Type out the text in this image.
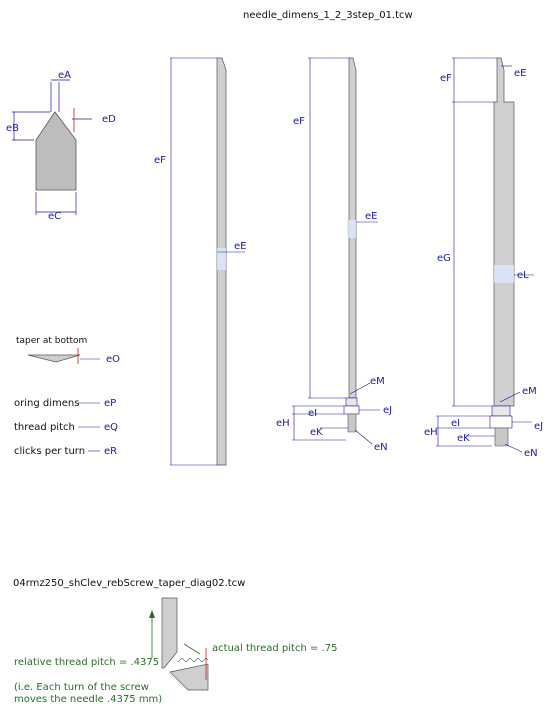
needle_dimens_1_2_3step_01.tcw
eA
eB
eD
eC
eF
eE
eF
eE
eM
eI	eJ
eH
eK
eN
eE
eF
eG
eL
eM
eI	eJ
eH
eK
eN
taper at bottom
eO
oring dimens eP
thread pitch	eQ
clicks per turn eR
04rmz250_shClev_rebScrew_taper_diag02.tcw
actual thread pitch = .75
relative thread pitch = .4375
(i.e. Each turn of the screw
moves the needle .4375 mm)
